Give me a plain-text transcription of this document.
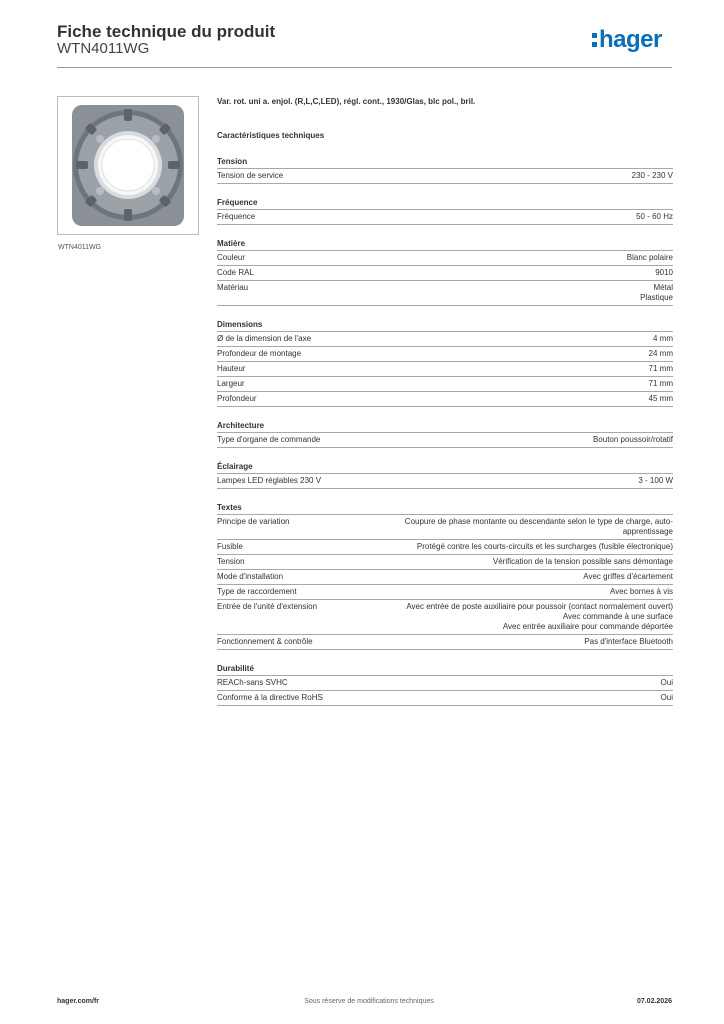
Fiche technique du produit
WTN4011WG	hager
WTN4011WG
Var. rot. uni a. enjol. (R,L,C,LED), régl. cont., 1930/Glas, blc pol., bril.
Caractéristiques techniques
Tension
Tension de service	230 - 230 V
Fréquence
Fréquence	50 - 60 Hz
Matière
Couleur	Blanc polaire
Code RAL	9010
Matériau	Métal
Plastique
Dimensions
Ø de la dimension de l'axe	4 mm
Profondeur de montage	24 mm
Hauteur	71 mm
Largeur	71 mm
Profondeur	45 mm
Architecture
Type d'organe de commande	Bouton poussoir/rotatif
Éclairage
Lampes LED réglables 230 V	3 - 100 W
Textes
Principe de variation	Coupure de phase montante ou descendante selon le type de charge, auto-
apprentissage
Fusible	Protégé contre les courts-circuits et les surcharges (fusible électronique)
Tension	Vérification de la tension possible sans démontage
Mode d'installation	Avec griffes d'écartement
Type de raccordement	Avec bornes à vis
Entrée de l'unité d'extension	Avec entrée de poste auxiliaire pour poussoir (contact normalement ouvert)
Avec commande à une surface
Avec entrée auxiliaire pour commande déportée
Fonctionnement & contrôle	Pas d'interface Bluetooth
Durabilité
REACh-sans SVHC	Oui
Conforme à la directive RoHS	Oui
hager.com/fr	Sous réserve de modifications techniques	07.02.2026
